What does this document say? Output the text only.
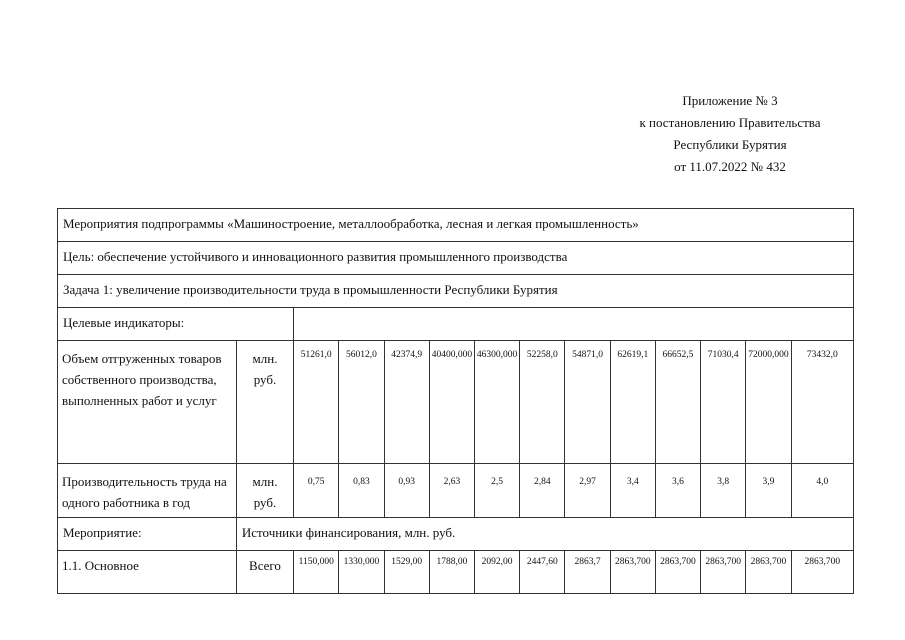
Приложение № 3
к постановлению Правительства
Республики Бурятия
от 11.07.2022 № 432
Мероприятия подпрограммы «Машиностроение, металлообработка, лесная и легкая промышленность»													
Цель: обеспечение устойчивого и инновационного развития промышленного производства													
Задача 1: увеличение производительности труда в промышленности Республики Бурятия													
Целевые индикаторы:													
Объем отгруженных товаров собственного производства, выполненных работ и услуг	млн. руб.	51261,0	56012,0	42374,9	40400,000	46300,000	52258,0	54871,0	62619,1	66652,5	71030,4	72000,000	73432,0
Производительность труда на одного работника в год	млн. руб.	0,75	0,83	0,93	2,63	2,5	2,84	2,97	3,4	3,6	3,8	3,9	4,0
Мероприятие:	Источники финансирования, млн. руб.												
1.1. Основное	Всего	1150,000	1330,000	1529,00	1788,00	2092,00	2447,60	2863,7	2863,700	2863,700	2863,700	2863,700	2863,700
